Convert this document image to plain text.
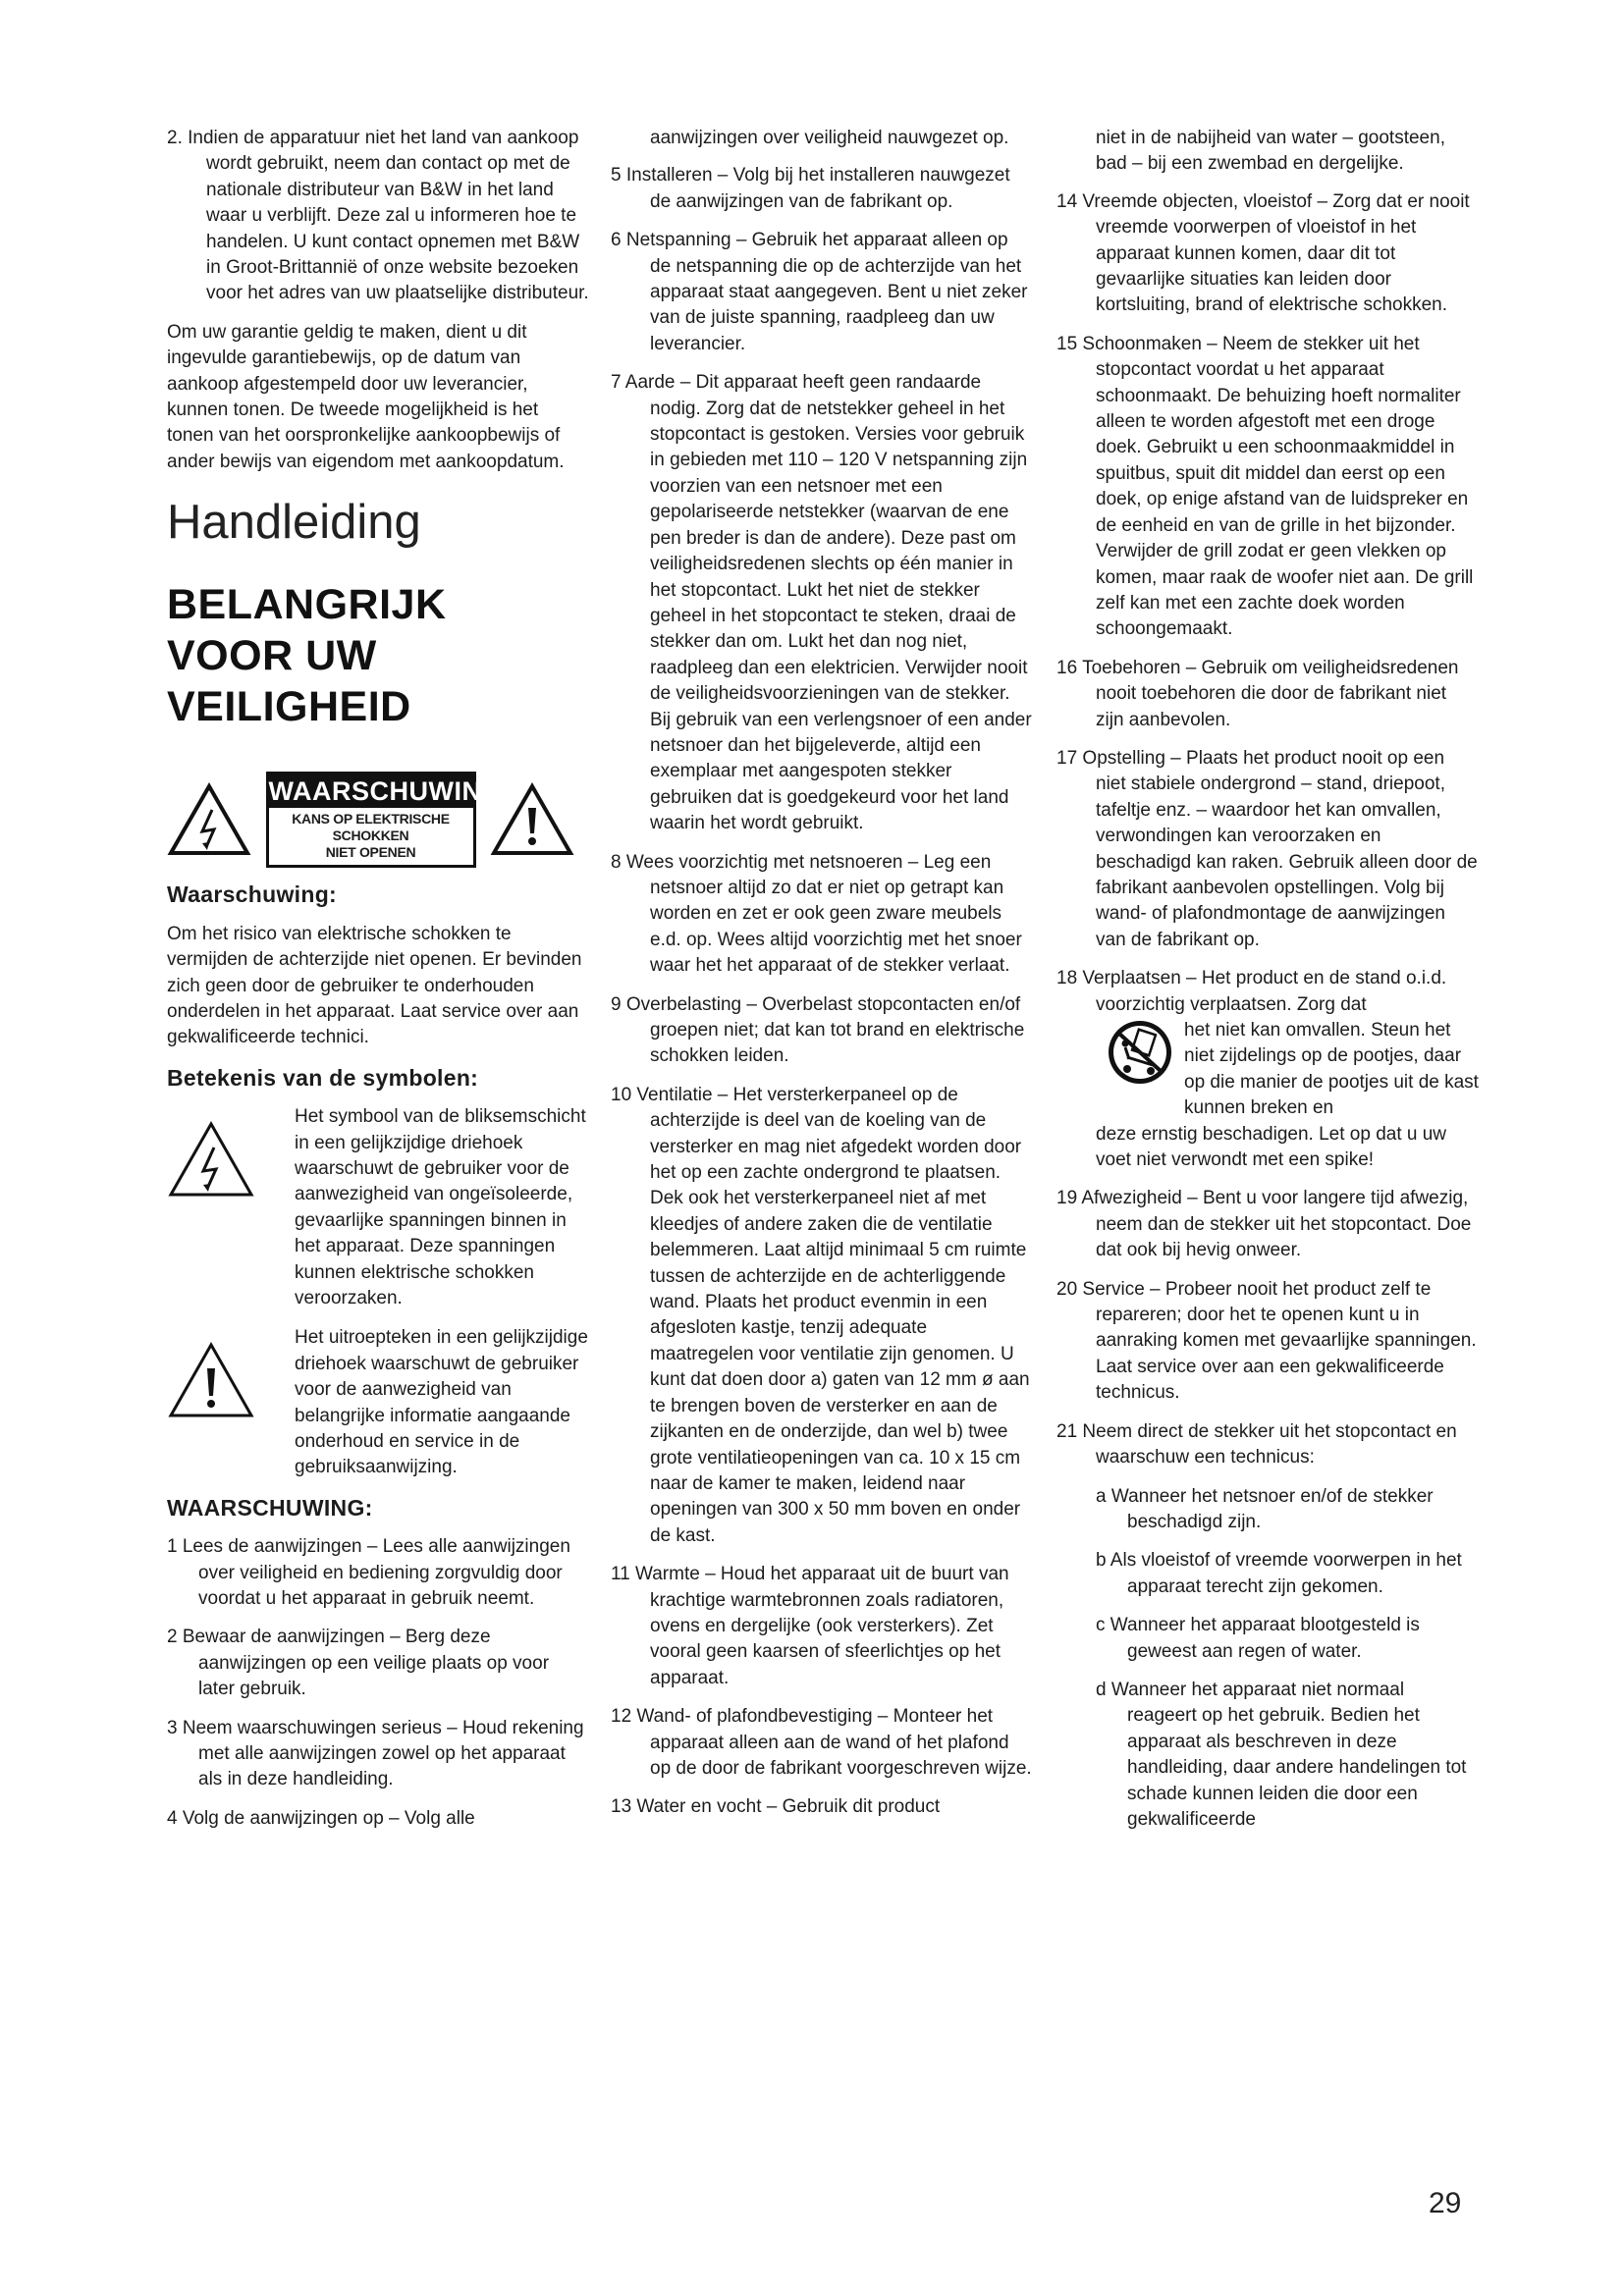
2. Indien de apparatuur niet het land van aankoop wordt gebruikt, neem dan contact op met de nationale distributeur van B&W in het land waar u verblijft. Deze zal u informeren hoe te handelen. U kunt contact opnemen met B&W in Groot-Brittannië of onze website bezoeken voor het adres van uw plaatselijke distributeur.

Om uw garantie geldig te maken, dient u dit ingevulde garantiebewijs, op de datum van aankoop afgestempeld door uw leverancier, kunnen tonen. De tweede mogelijkheid is het tonen van het oorspronkelijke aankoopbewijs of ander bewijs van eigendom met aankoopdatum.

Handleiding
BELANGRIJK
VOOR UW
VEILIGHEID
WAARSCHUWING
KANS OP ELEKTRISCHE SCHOKKEN
NIET OPENEN
Waarschuwing:

Om het risico van elektrische schokken te vermijden de achterzijde niet openen. Er bevinden zich geen door de gebruiker te onderhouden onderdelen in het apparaat. Laat service over aan gekwalificeerde technici.

Betekenis van de symbolen:
Het symbool van de bliksemschicht in een gelijkzijdige driehoek waarschuwt de gebruiker voor de aanwezigheid van ongeïsoleerde, gevaarlijke spanningen binnen in het apparaat. Deze spanningen kunnen elektrische schokken veroorzaken.
Het uitroepteken in een gelijkzijdige driehoek waarschuwt de gebruiker voor de aanwezigheid van belangrijke informatie aangaande onderhoud en service in de gebruiksaanwijzing.
WAARSCHUWING:

1 Lees de aanwijzingen – Lees alle aanwijzingen over veiligheid en bediening zorgvuldig door voordat u het apparaat in gebruik neemt.

2 Bewaar de aanwijzingen – Berg deze aanwijzingen op een veilige plaats op voor later gebruik.

3 Neem waarschuwingen serieus – Houd rekening met alle aanwijzingen zowel op het apparaat als in deze handleiding.

4 Volg de aanwijzingen op – Volg alle

aanwijzingen over veiligheid nauwgezet op.

5 Installeren – Volg bij het installeren nauwgezet de aanwijzingen van de fabrikant op.

6 Netspanning – Gebruik het apparaat alleen op de netspanning die op de achterzijde van het apparaat staat aangegeven. Bent u niet zeker van de juiste spanning, raadpleeg dan uw leverancier.

7 Aarde – Dit apparaat heeft geen randaarde nodig. Zorg dat de netstekker geheel in het stopcontact is gestoken. Versies voor gebruik in gebieden met 110 – 120 V netspanning zijn voorzien van een netsnoer met een gepolariseerde netstekker (waarvan de ene pen breder is dan de andere). Deze past om veiligheidsredenen slechts op één manier in het stopcontact. Lukt het niet de stekker geheel in het stopcontact te steken, draai de stekker dan om. Lukt het dan nog niet, raadpleeg dan een elektricien. Verwijder nooit de veiligheidsvoorzieningen van de stekker. Bij gebruik van een verlengsnoer of een ander netsnoer dan het bijgeleverde, altijd een exemplaar met aangespoten stekker gebruiken dat is goedgekeurd voor het land waarin het wordt gebruikt.

8 Wees voorzichtig met netsnoeren – Leg een netsnoer altijd zo dat er niet op getrapt kan worden en zet er ook geen zware meubels e.d. op. Wees altijd voorzichtig met het snoer waar het het apparaat of de stekker verlaat.

9 Overbelasting – Overbelast stopcontacten en/of groepen niet; dat kan tot brand en elektrische schokken leiden.

10 Ventilatie – Het versterkerpaneel op de achterzijde is deel van de koeling van de versterker en mag niet afgedekt worden door het op een zachte ondergrond te plaatsen. Dek ook het versterkerpaneel niet af met kleedjes of andere zaken die de ventilatie belemmeren. Laat altijd minimaal 5 cm ruimte tussen de achterzijde en de achterliggende wand. Plaats het product evenmin in een afgesloten kastje, tenzij adequate maatregelen voor ventilatie zijn genomen. U kunt dat doen door a) gaten van 12 mm ø aan te brengen boven de versterker en aan de zijkanten en de onderzijde, dan wel b) twee grote ventilatieopeningen van ca. 10 x 15 cm naar de kamer te maken, leidend naar openingen van 300 x 50 mm boven en onder de kast.

11 Warmte – Houd het apparaat uit de buurt van krachtige warmtebronnen zoals radiatoren, ovens en dergelijke (ook versterkers). Zet vooral geen kaarsen of sfeerlichtjes op het apparaat.

12 Wand- of plafondbevestiging – Monteer het apparaat alleen aan de wand of het plafond op de door de fabrikant voorgeschreven wijze.

13 Water en vocht – Gebruik dit product

niet in de nabijheid van water – gootsteen, bad – bij een zwembad en dergelijke.

14 Vreemde objecten, vloeistof – Zorg dat er nooit vreemde voorwerpen of vloeistof in het apparaat kunnen komen, daar dit tot gevaarlijke situaties kan leiden door kortsluiting, brand of elektrische schokken.

15 Schoonmaken – Neem de stekker uit het stopcontact voordat u het apparaat schoonmaakt. De behuizing hoeft normaliter alleen te worden afgestoft met een droge doek. Gebruikt u een schoonmaakmiddel in spuitbus, spuit dit middel dan eerst op een doek, op enige afstand van de luidspreker en de eenheid en van de grille in het bijzonder. Verwijder de grill zodat er geen vlekken op komen, maar raak de woofer niet aan. De grill zelf kan met een zachte doek worden schoongemaakt.

16 Toebehoren – Gebruik om veiligheidsredenen nooit toebehoren die door de fabrikant niet zijn aanbevolen.

17 Opstelling – Plaats het product nooit op een niet stabiele ondergrond – stand, driepoot, tafeltje enz. – waardoor het kan omvallen, verwondingen kan veroorzaken en beschadigd kan raken. Gebruik alleen door de fabrikant aanbevolen opstellingen. Volg bij wand- of plafondmontage de aanwijzingen van de fabrikant op.

18 Verplaatsen – Het product en de stand o.i.d. voorzichtig verplaatsen. Zorg dat
het niet kan omvallen. Steun het niet zijdelings op de pootjes, daar op die manier de pootjes uit de kast kunnen breken en
deze ernstig beschadigen. Let op dat u uw voet niet verwondt met een spike!

19 Afwezigheid – Bent u voor langere tijd afwezig, neem dan de stekker uit het stopcontact. Doe dat ook bij hevig onweer.

20 Service – Probeer nooit het product zelf te repareren; door het te openen kunt u in aanraking komen met gevaarlijke spanningen. Laat service over aan een gekwalificeerde technicus.

21 Neem direct de stekker uit het stopcontact en waarschuw een technicus:

a Wanneer het netsnoer en/of de stekker beschadigd zijn.

b Als vloeistof of vreemde voorwerpen in het apparaat terecht zijn gekomen.

c Wanneer het apparaat blootgesteld is geweest aan regen of water.

d Wanneer het apparaat niet normaal reageert op het gebruik. Bedien het apparaat als beschreven in deze handleiding, daar andere handelingen tot schade kunnen leiden die door een gekwalificeerde

29
